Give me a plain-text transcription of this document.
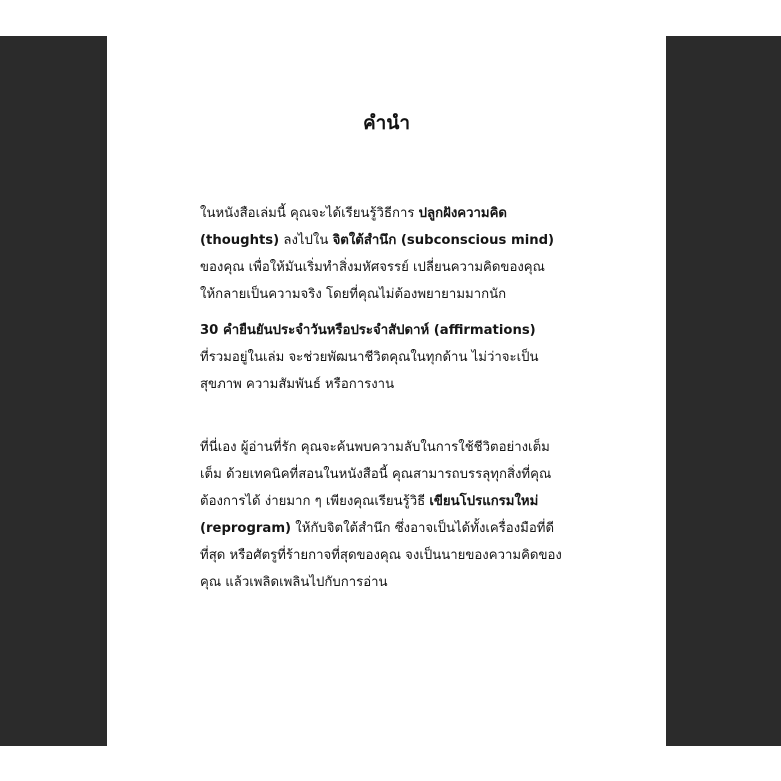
คำนำ
ในหนังสือเล่มนี้ คุณจะได้เรียนรู้วิธีการ ปลูกฝังความคิด
(thoughts) ลงไปใน จิตใต้สำนึก (subconscious mind)
ของคุณ เพื่อให้มันเริ่มทำสิ่งมหัศจรรย์ เปลี่ยนความคิดของคุณ
ให้กลายเป็นความจริง โดยที่คุณไม่ต้องพยายามมากนัก
30 คำยืนยันประจำวันหรือประจำสัปดาห์ (affirmations)
ที่รวมอยู่ในเล่ม จะช่วยพัฒนาชีวิตคุณในทุกด้าน ไม่ว่าจะเป็น
สุขภาพ ความสัมพันธ์ หรือการงาน
ที่นี่เอง ผู้อ่านที่รัก คุณจะค้นพบความลับในการใช้ชีวิตอย่างเต็ม
เต็ม ด้วยเทคนิคที่สอนในหนังสือนี้ คุณสามารถบรรลุทุกสิ่งที่คุณ
ต้องการได้ ง่ายมาก ๆ เพียงคุณเรียนรู้วิธี เขียนโปรแกรมใหม่
(reprogram) ให้กับจิตใต้สำนึก ซึ่งอาจเป็นได้ทั้งเครื่องมือที่ดี
ที่สุด หรือศัตรูที่ร้ายกาจที่สุดของคุณ จงเป็นนายของความคิดของ
คุณ แล้วเพลิดเพลินไปกับการอ่าน
